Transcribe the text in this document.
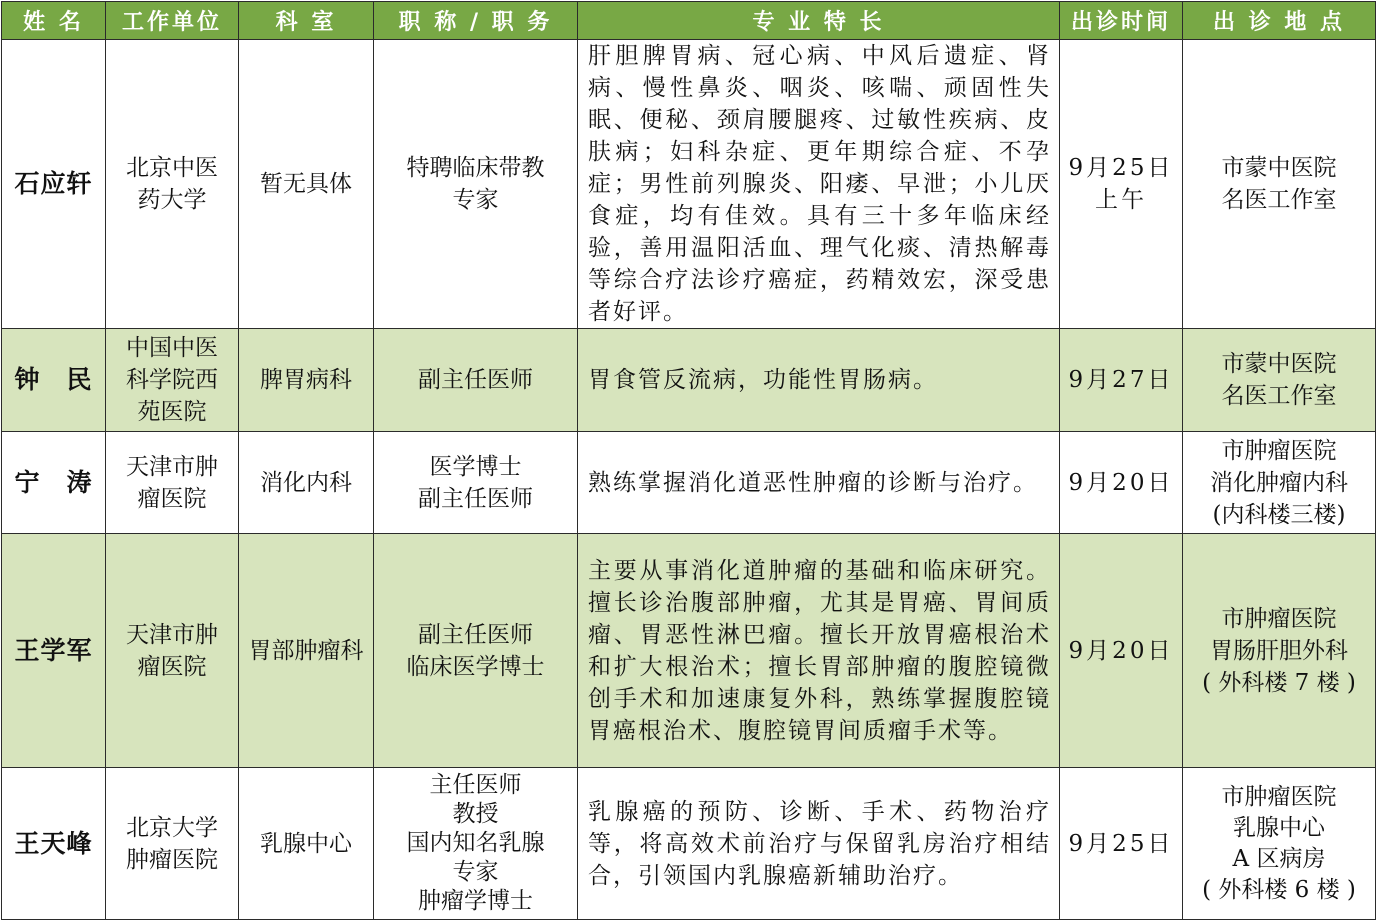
姓 名	工作单位	科 室	职 称 / 职 务	专 业 特 长	出诊时间	出 诊 地 点
石应轩	北京中医
药大学	暂无具体	特聘临床带教
专家	肝胆脾胃病、冠心病、中风后遗症、肾病、慢性鼻炎、咽炎、咳喘、顽固性失眠、便秘、颈肩腰腿疼、过敏性疾病、皮肤病；妇科杂症、更年期综合症、不孕症；男性前列腺炎、阳痿、早泄；小儿厌食症，均有佳效。具有三十多年临床经验，善用温阳活血、理气化痰、清热解毒等综合疗法诊疗癌症，药精效宏，深受患者好评。	9月25日
上午	市蒙中医院
名医工作室

钟　民	中国中医
科学院西
苑医院	脾胃病科	副主任医师	胃食管反流病，功能性胃肠病。	9月27日	市蒙中医院
名医工作室

宁　涛	天津市肿
瘤医院	消化内科	医学博士
副主任医师	熟练掌握消化道恶性肿瘤的诊断与治疗。	9月20日	市肿瘤医院
消化肿瘤内科
(内科楼三楼)

王学军	天津市肿
瘤医院	胃部肿瘤科	副主任医师
临床医学博士	主要从事消化道肿瘤的基础和临床研究。擅长诊治腹部肿瘤，尤其是胃癌、胃间质瘤、胃恶性淋巴瘤。擅长开放胃癌根治术和扩大根治术；擅长胃部肿瘤的腹腔镜微创手术和加速康复外科，熟练掌握腹腔镜胃癌根治术、腹腔镜胃间质瘤手术等。	9月20日	市肿瘤医院
胃肠肝胆外科
( 外科楼 7 楼 )

王天峰	北京大学
肿瘤医院	乳腺中心	主任医师
教授
国内知名乳腺
专家
肿瘤学博士	乳腺癌的预防、诊断、手术、药物治疗等，将高效术前治疗与保留乳房治疗相结合，引领国内乳腺癌新辅助治疗。	9月25日	市肿瘤医院
乳腺中心
A 区病房
( 外科楼 6 楼 )
